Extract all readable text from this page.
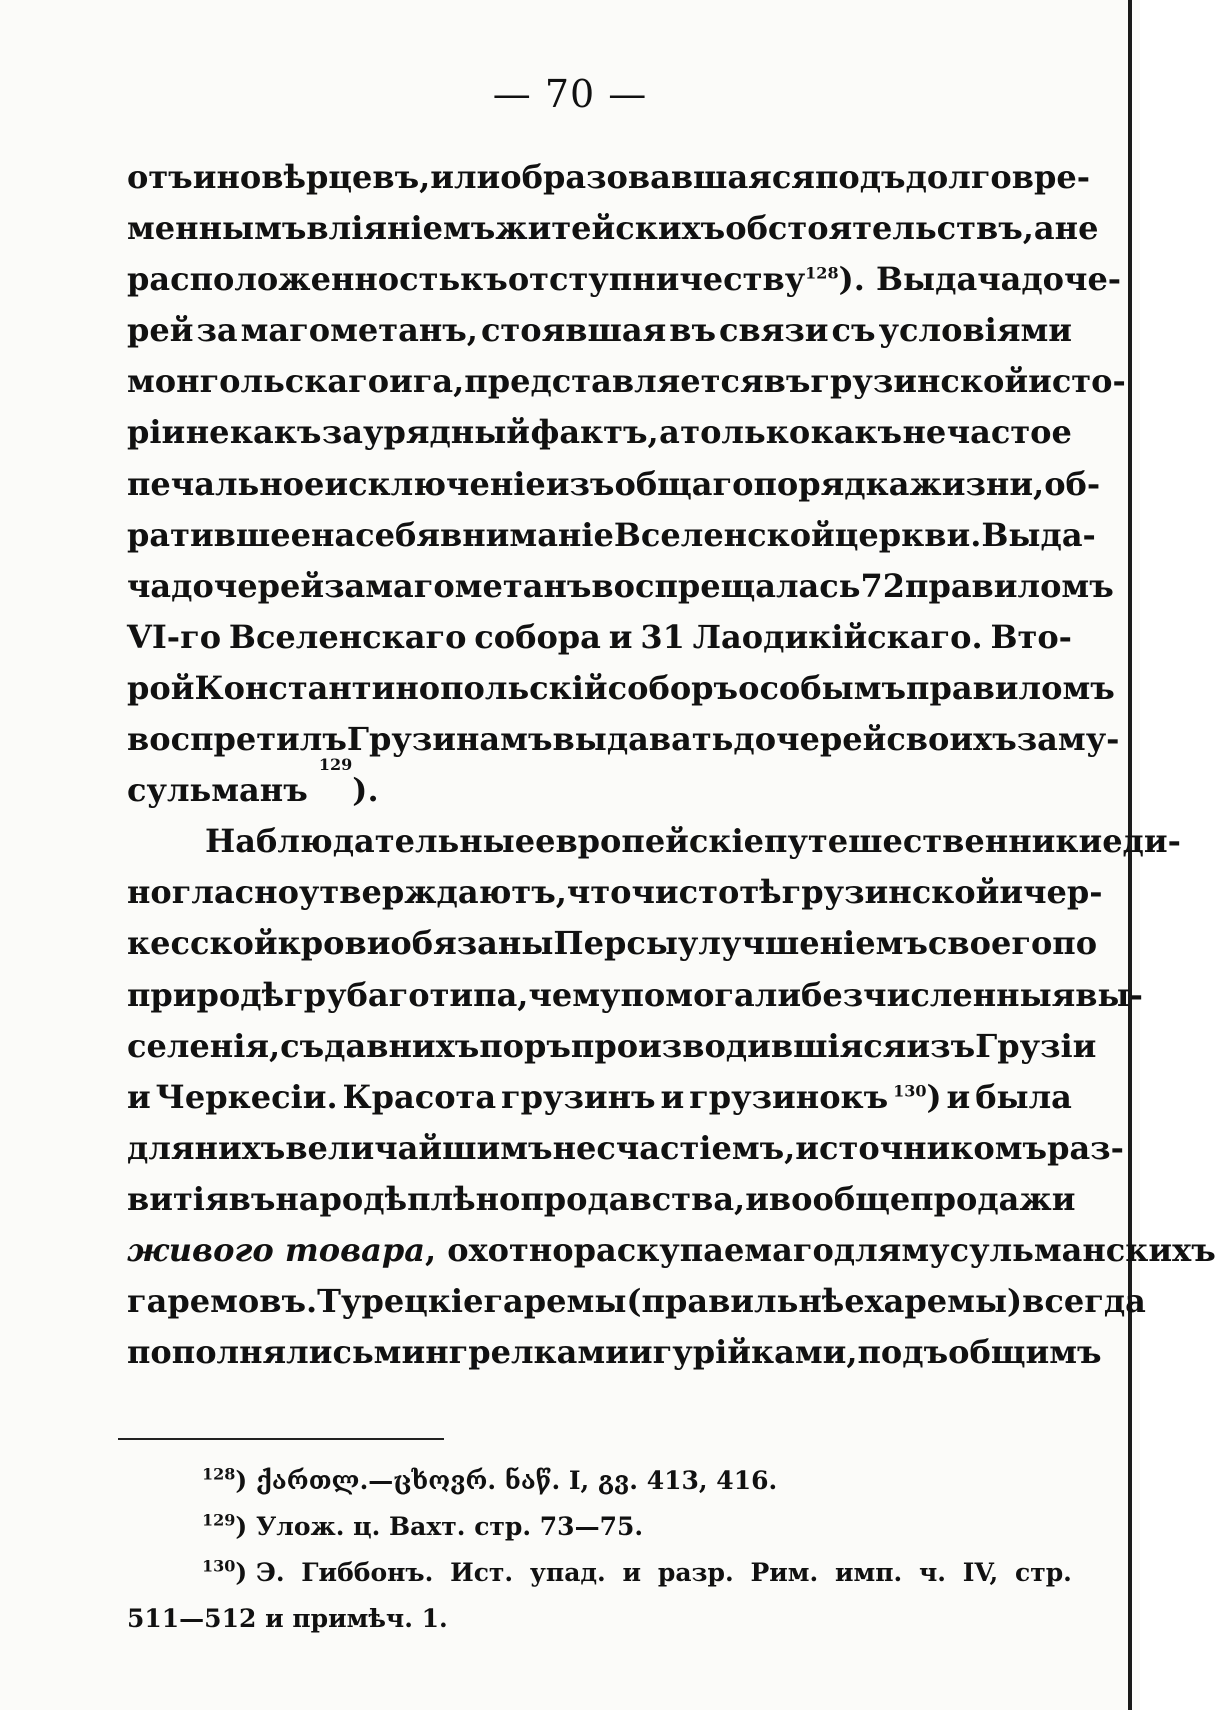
— 70 —
отъ иновѣрцевъ, или образовавшаяся подъ долговре-
меннымъ вліяніемъ житейскихъ обстоятельствъ, а не
расположенность къ отступничеству $^{128}$). Выдача доче-
рей за магометанъ, стоявшая въ связи съ условіями
монгольскаго ига, представляется въ грузинской исто-
ріи не какъ заурядный фактъ, а только какъ не частое
печальное исключеніе изъ общаго порядка жизни, об-
ратившее на себя вниманіе Вселенской церкви. Выда-
ча дочерей за магометанъ воспрещалась 72 правиломъ
VI-го Вселенскаго собора и 31 Лаодикійскаго. Вто-
рой Константинопольскій соборъ особымъ правиломъ
воспретилъ Грузинамъ выдавать дочерей своихъ за му-
сульманъ

129
).
Наблюдательные европейскіе путешественники еди-
ногласно утверждаютъ, что чистотѣ грузинской и чер-
кесской крови обязаны Персы улучшеніемъ своего по
природѣ грубаго типа, чему помогали безчисленныя вы-
селенія, съ давнихъ поръ производившіяся изъ Грузіи
и Черкесіи. Красота грузинъ и грузинокъ $^{130}$) и была
для нихъ величайшимъ несчастіемъ, источникомъ раз-
витія въ народѣ плѣнопродавства, и вообще продажи
живого товара, охотно раскупаемаго для мусульманскихъ
гаремовъ. Турецкіе гаремы (правильнѣе харемы) всегда
пополнялись мингрелками и гурійками, подъ общимъ
$^{128}$) ქართლ.—ცხოვრ. ნაწ. I, გვ. 413, 416.
$^{129}$) Улож. ц. Вахт. стр. 73—75.
$^{130}$) Э. Гиббонъ. Ист. упад. и разр. Рим. имп. ч. IV, стр.
511—512 и примѣч. 1.
